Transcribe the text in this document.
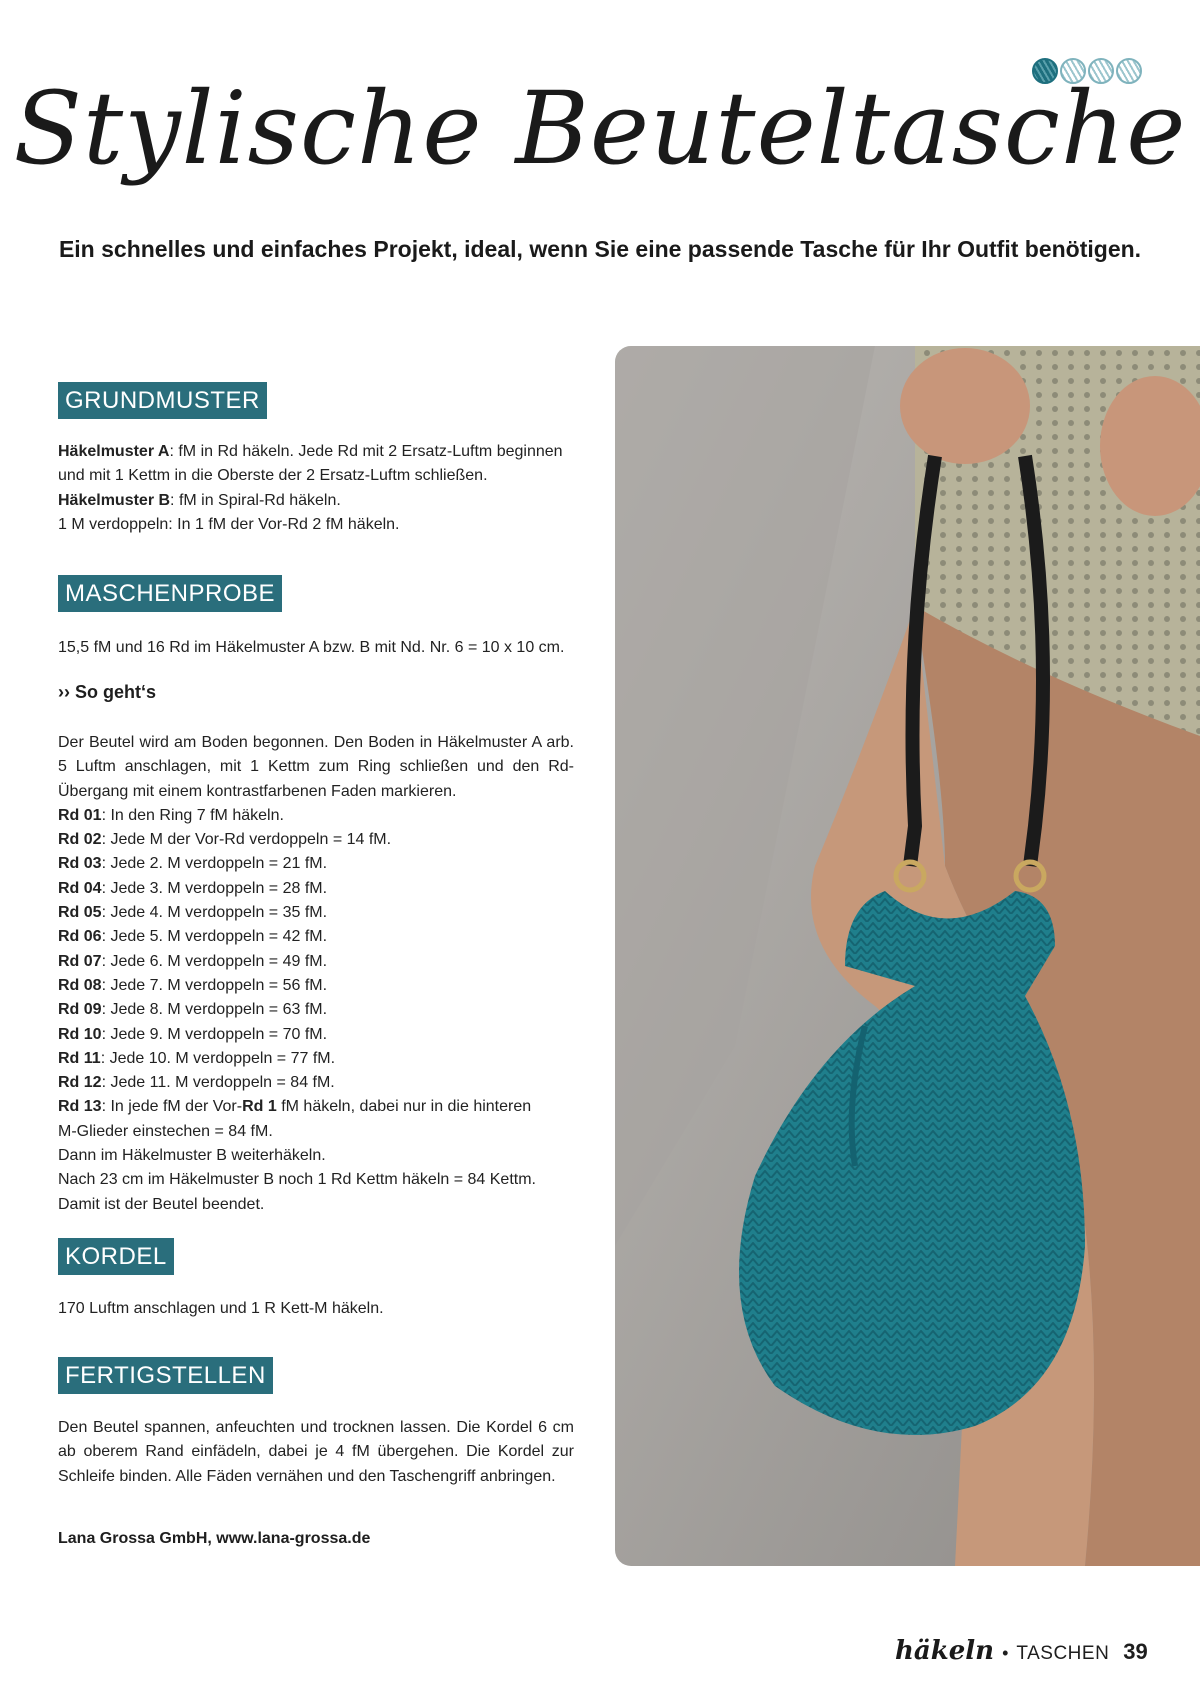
Stylische Beuteltasche
Ein schnelles und einfaches Projekt, ideal, wenn Sie eine passende Tasche für Ihr Outfit benötigen.
GRUNDMUSTER
Häkelmuster A: fM in Rd häkeln. Jede Rd mit 2 Ersatz-Luftm beginnen
und mit 1 Kettm in die Oberste der 2 Ersatz-Luftm schließen.
Häkelmuster B: fM in Spiral-Rd häkeln.
1 M verdoppeln: In 1 fM der Vor-Rd 2 fM häkeln.
MASCHENPROBE
15,5 fM und 16 Rd im Häkelmuster A bzw. B mit Nd. Nr. 6 = 10 x 10 cm.
›› So geht‘s
Der Beutel wird am Boden begonnen. Den Boden in Häkelmuster A arb. 5 Luftm anschlagen, mit 1 Kettm zum Ring schließen und den Rd-Übergang mit einem kontrastfarbenen Faden markieren.
Rd 01: In den Ring 7 fM häkeln.
Rd 02: Jede M der Vor-Rd verdoppeln = 14 fM.
Rd 03: Jede 2. M verdoppeln = 21 fM.
Rd 04: Jede 3. M verdoppeln = 28 fM.
Rd 05: Jede 4. M verdoppeln = 35 fM.
Rd 06: Jede 5. M verdoppeln = 42 fM.
Rd 07: Jede 6. M verdoppeln = 49 fM.
Rd 08: Jede 7. M verdoppeln = 56 fM.
Rd 09: Jede 8. M verdoppeln = 63 fM.
Rd 10: Jede 9. M verdoppeln = 70 fM.
Rd 11: Jede 10. M verdoppeln = 77 fM.
Rd 12: Jede 11. M verdoppeln = 84 fM.
Rd 13: In jede fM der Vor-Rd 1 fM häkeln, dabei nur in die hinteren
M-Glieder einstechen = 84 fM.
Dann im Häkelmuster B weiterhäkeln.
Nach 23 cm im Häkelmuster B noch 1 Rd Kettm häkeln = 84 Kettm.
Damit ist der Beutel beendet.
KORDEL
170 Luftm anschlagen und 1 R Kett-M häkeln.
FERTIGSTELLEN
Den Beutel spannen, anfeuchten und trocknen lassen. Die Kordel 6 cm ab oberem Rand einfädeln, dabei je 4 fM übergehen. Die Kordel zur Schleife binden. Alle Fäden vernähen und den Taschengriff anbringen.
Lana Grossa GmbH, www.lana-grossa.de
häkeln • TASCHEN 39
